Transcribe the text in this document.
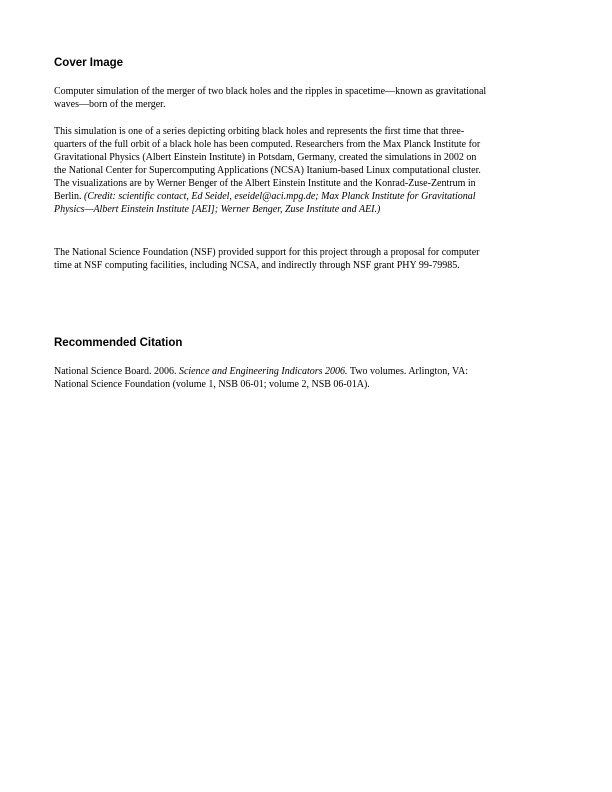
Cover Image

Computer simulation of the merger of two black holes and the ripples in spacetime—known as gravitational waves—born of the merger.

This simulation is one of a series depicting orbiting black holes and represents the first time that three-quarters of the full orbit of a black hole has been computed. Researchers from the Max Planck Institute for Gravitational Physics (Albert Einstein Institute) in Potsdam, Germany, created the simulations in 2002 on the National Center for Supercomputing Applications (NCSA) Itanium-based Linux computational cluster. The visualizations are by Werner Benger of the Albert Einstein Institute and the Konrad-Zuse-Zentrum in Berlin. (Credit: scientific contact, Ed Seidel, eseidel@aci.mpg.de; Max Planck Institute for Gravitational Physics—Albert Einstein Institute [AEI]; Werner Benger, Zuse Institute and AEI.)

The National Science Foundation (NSF) provided support for this project through a proposal for computer time at NSF computing facilities, including NCSA, and indirectly through NSF grant PHY 99-79985.

Recommended Citation

National Science Board. 2006. Science and Engineering Indicators 2006. Two volumes. Arlington, VA: National Science Foundation (volume 1, NSB 06-01; volume 2, NSB 06-01A).
